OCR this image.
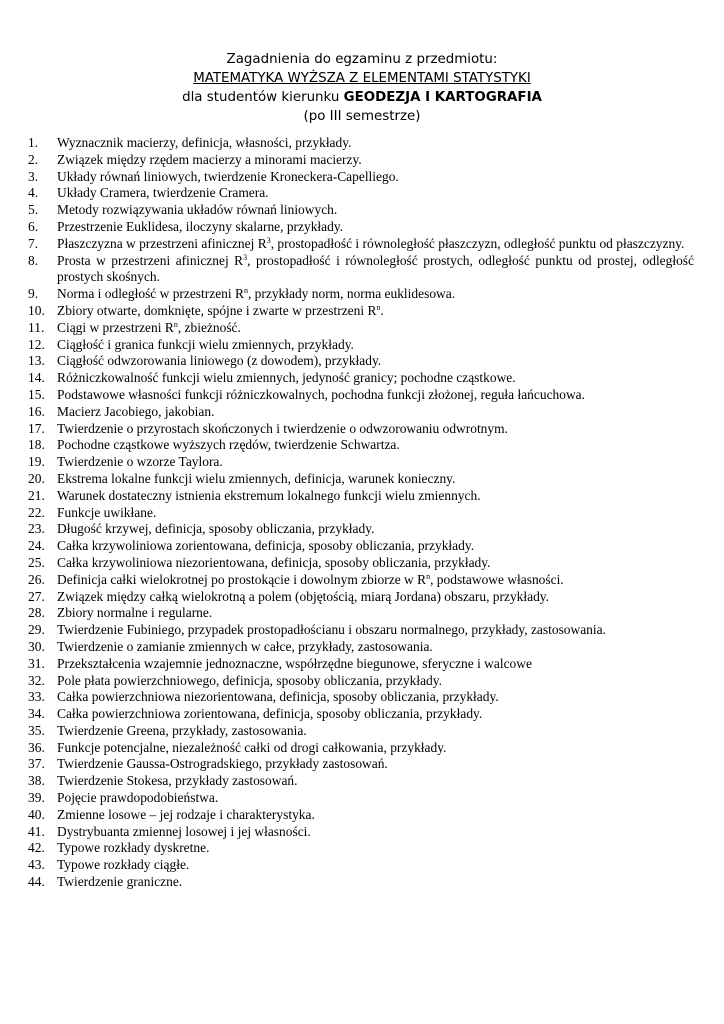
Zagadnienia do egzaminu z przedmiotu:
MATEMATYKA WYŻSZA Z ELEMENTAMI STATYSTYKI
dla studentów kierunku GEODEZJA I KARTOGRAFIA
(po III semestrze)
1. Wyznacznik macierzy, definicja, własności, przykłady.
2. Związek między rzędem macierzy a minorami macierzy.
3. Układy równań liniowych, twierdzenie Kroneckera-Capelliego.
4. Układy Cramera, twierdzenie Cramera.
5. Metody rozwiązywania układów równań liniowych.
6. Przestrzenie Euklidesa, iloczyny skalarne, przykłady.
7. Płaszczyzna w przestrzeni afinicznej $R^3$, prostopadłość i równoległość płaszczyzn, odległość punktu od płaszczyzny.
8. Prosta w przestrzeni afinicznej $R^3$, prostopadłość i równoległość prostych, odległość punktu od prostej, odległość prostych skośnych.
9. Norma i odległość w przestrzeni $R^n$, przykłady norm, norma euklidesowa.
10. Zbiory otwarte, domknięte, spójne i zwarte w przestrzeni $R^n$.
11. Ciągi w przestrzeni $R^n$, zbieżność.
12. Ciągłość i granica funkcji wielu zmiennych, przykłady.
13. Ciągłość odwzorowania liniowego (z dowodem), przykłady.
14. Różniczkowalność funkcji wielu zmiennych, jedyność granicy; pochodne cząstkowe.
15. Podstawowe własności funkcji różniczkowalnych, pochodna funkcji złożonej, reguła łańcuchowa.
16. Macierz Jacobiego, jakobian.
17. Twierdzenie o przyrostach skończonych i twierdzenie o odwzorowaniu odwrotnym.
18. Pochodne cząstkowe wyższych rzędów, twierdzenie Schwartza.
19. Twierdzenie o wzorze Taylora.
20. Ekstrema lokalne funkcji wielu zmiennych, definicja, warunek konieczny.
21. Warunek dostateczny istnienia ekstremum lokalnego funkcji wielu zmiennych.
22. Funkcje uwikłane.
23. Długość krzywej, definicja, sposoby obliczania, przykłady.
24. Całka krzywoliniowa zorientowana, definicja, sposoby obliczania, przykłady.
25. Całka krzywoliniowa niezorientowana, definicja, sposoby obliczania, przykłady.
26. Definicja całki wielokrotnej po prostokącie i dowolnym zbiorze w $R^n$, podstawowe własności.
27. Związek między całką wielokrotną a polem (objętością, miarą Jordana) obszaru, przykłady.
28. Zbiory normalne i regularne.
29. Twierdzenie Fubiniego, przypadek prostopadłościanu i obszaru normalnego, przykłady, zastosowania.
30. Twierdzenie o zamianie zmiennych w całce, przykłady, zastosowania.
31. Przekształcenia wzajemnie jednoznaczne, współrzędne biegunowe, sferyczne i walcowe
32. Pole płata powierzchniowego, definicja, sposoby obliczania, przykłady.
33. Całka powierzchniowa niezorientowana, definicja, sposoby obliczania, przykłady.
34. Całka powierzchniowa zorientowana, definicja, sposoby obliczania, przykłady.
35. Twierdzenie Greena, przykłady, zastosowania.
36. Funkcje potencjalne, niezależność całki od drogi całkowania, przykłady.
37. Twierdzenie Gaussa-Ostrogradskiego, przykłady zastosowań.
38. Twierdzenie Stokesa, przykłady zastosowań.
39. Pojęcie prawdopodobieństwa.
40. Zmienne losowe – jej rodzaje i charakterystyka.
41. Dystrybuanta zmiennej losowej i jej własności.
42. Typowe rozkłady dyskretne.
43. Typowe rozkłady ciągłe.
44. Twierdzenie graniczne.
